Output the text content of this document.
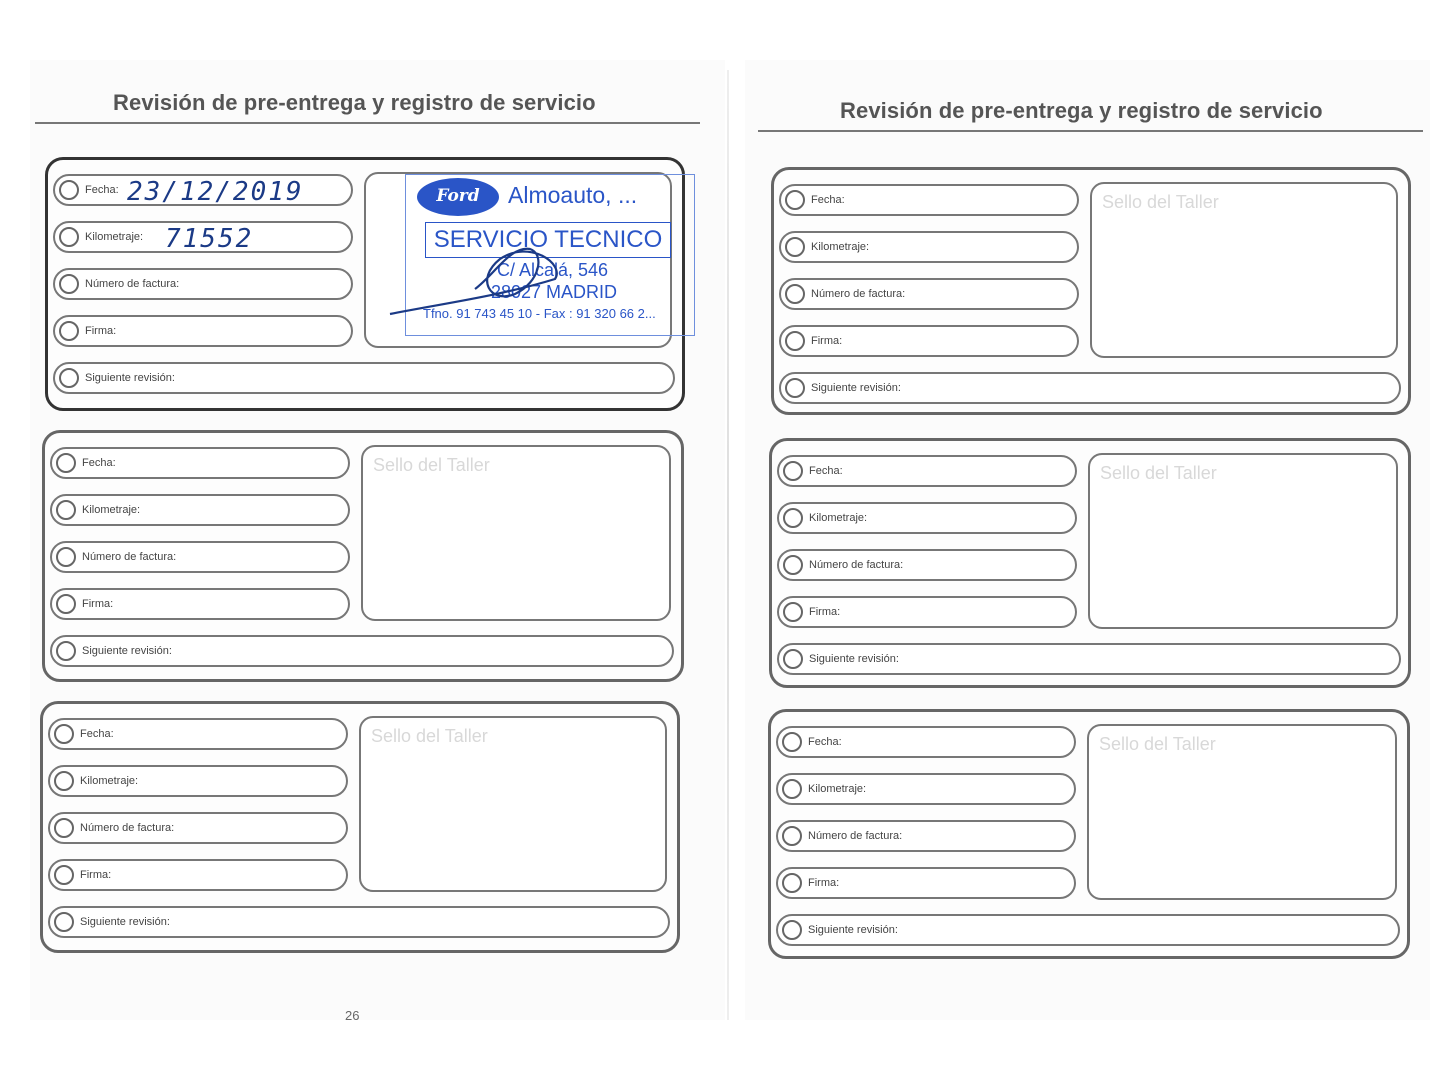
Revisión de pre-entrega y registro de servicio	Revisión de pre-entrega y registro de servicio
Fecha: 23/12/2019
Kilometraje: 71552
Número de factura:
Firma:
Siguiente revisión:
Fecha:
Kilometraje:
Número de factura:
Firma:
Siguiente revisión:
Sello del Taller
Fecha:
Kilometraje:
Número de factura:
Firma:
Siguiente revisión:
Sello del Taller
Fecha:
Kilometraje:
Número de factura:
Firma:
Siguiente revisión:
Sello del Taller
Fecha:
Kilometraje:
Número de factura:
Firma:
Siguiente revisión:
Sello del Taller
Fecha:
Kilometraje:
Número de factura:
Firma:
Siguiente revisión:
Sello del Taller
Ford	Almoauto, ...
SERVICIO TECNICO
C/ Alcalá, 546
28027 MADRID
Tfno. 91 743 45 10 - Fax : 91 320 66 2...
26
